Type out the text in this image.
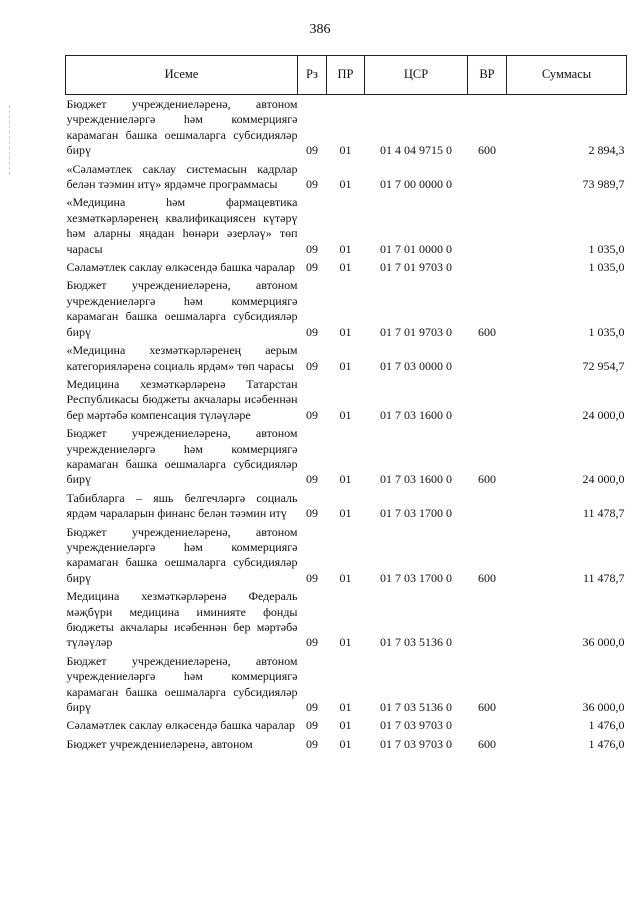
386
Исеме	Рз	ПР	ЦСР	ВР	Суммасы
Бюджет учреждениеләренә, автоном учреждениеләргә һәм коммерциягә карамаган башка оешмаларга субсидияләр бирү	09	01	01 4 04 9715 0	600	2 894,3
«Сәламәтлек саклау системасын кадрлар белән тәэмин итү» ярдәмче программасы	09	01	01 7 00 0000 0		73 989,7
«Медицина һәм фармацевтика хезмәткәрләренең квалификациясен күтәрү һәм аларны яңадан һөнәри әзерләү» төп чарасы	09	01	01 7 01 0000 0		1 035,0
Сәламәтлек саклау өлкәсендә башка чаралар	09	01	01 7 01 9703 0		1 035,0
Бюджет учреждениеләренә, автоном учреждениеләргә һәм коммерциягә карамаган башка оешмаларга субсидияләр бирү	09	01	01 7 01 9703 0	600	1 035,0
«Медицина хезмәткәрләренең аерым категорияләренә социаль ярдәм» төп чарасы	09	01	01 7 03 0000 0		72 954,7
Медицина хезмәткәрләренә Татарстан Республикасы бюджеты акчалары исәбеннән бер мәртәбә компенсация түләүләре	09	01	01 7 03 1600 0		24 000,0
Бюджет учреждениеләренә, автоном учреждениеләргә һәм коммерциягә карамаган башка оешмаларга субсидияләр бирү	09	01	01 7 03 1600 0	600	24 000,0
Табибларга – яшь белгечләргә социаль ярдәм чараларын финанс белән тәэмин итү	09	01	01 7 03 1700 0		11 478,7
Бюджет учреждениеләренә, автоном учреждениеләргә һәм коммерциягә карамаган башка оешмаларга субсидияләр бирү	09	01	01 7 03 1700 0	600	11 478,7
Медицина хезмәткәрләренә Федераль мәҗбүри медицина иминияте фонды бюджеты акчалары исәбеннән бер мәртәбә түләүләр	09	01	01 7 03 5136 0		36 000,0
Бюджет учреждениеләренә, автоном учреждениеләргә һәм коммерциягә карамаган башка оешмаларга субсидияләр бирү	09	01	01 7 03 5136 0	600	36 000,0
Сәламәтлек саклау өлкәсендә башка чаралар	09	01	01 7 03 9703 0		1 476,0
Бюджет учреждениеләренә, автоном	09	01	01 7 03 9703 0	600	1 476,0
